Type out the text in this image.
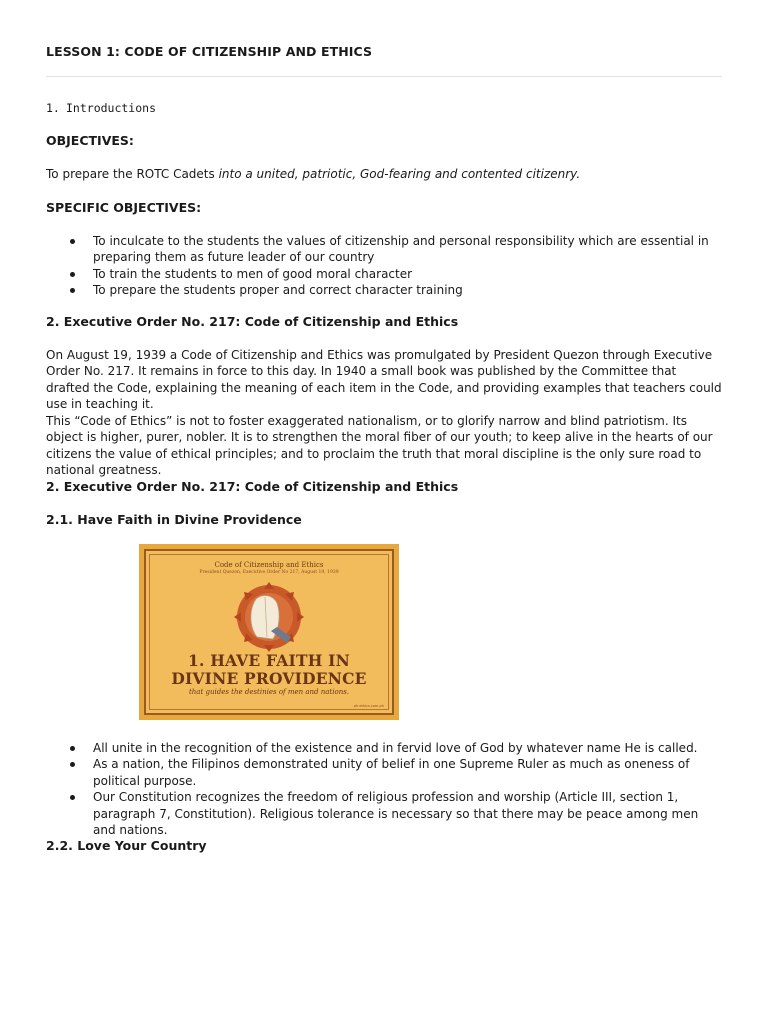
LESSON 1: CODE OF CITIZENSHIP AND ETHICS
1. Introductions

OBJECTIVES:

To prepare the ROTC Cadets into a united, patriotic, God-fearing and contented citizenry.

SPECIFIC OBJECTIVES:

To inculcate to the students the values of citizenship and personal responsibility which are essential in preparing them as future leader of our country
To train the students to men of good moral character
To prepare the students proper and correct character training

2. Executive Order No. 217: Code of Citizenship and Ethics

On August 19, 1939 a Code of Citizenship and Ethics was promulgated by President Quezon through Executive Order No. 217. It remains in force to this day. In 1940 a small book was published by the Committee that drafted the Code, explaining the meaning of each item in the Code, and providing examples that teachers could use in teaching it.

This “Code of Ethics” is not to foster exaggerated nationalism, or to glorify narrow and blind patriotism. Its object is higher, purer, nobler. It is to strengthen the moral fiber of our youth; to keep alive in the hearts of our citizens the value of ethical principles; and to proclaim the truth that moral discipline is the only sure road to national greatness.

2. Executive Order No. 217: Code of Citizenship and Ethics

2.1. Have Faith in Divine Providence

Code of Citizenship and Ethics
President Quezon, Executive Order No 217, August 19, 1939
1. HAVE FAITH IN
DIVINE PROVIDENCE
that guides the destinies of men and nations.
ph.ethics.com.ph
All unite in the recognition of the existence and in fervid love of God by whatever name He is called.
As a nation, the Filipinos demonstrated unity of belief in one Supreme Ruler as much as oneness of political purpose.
Our Constitution recognizes the freedom of religious profession and worship (Article III, section 1, paragraph 7, Constitution). Religious tolerance is necessary so that there may be peace among men and nations.

2.2. Love Your Country
